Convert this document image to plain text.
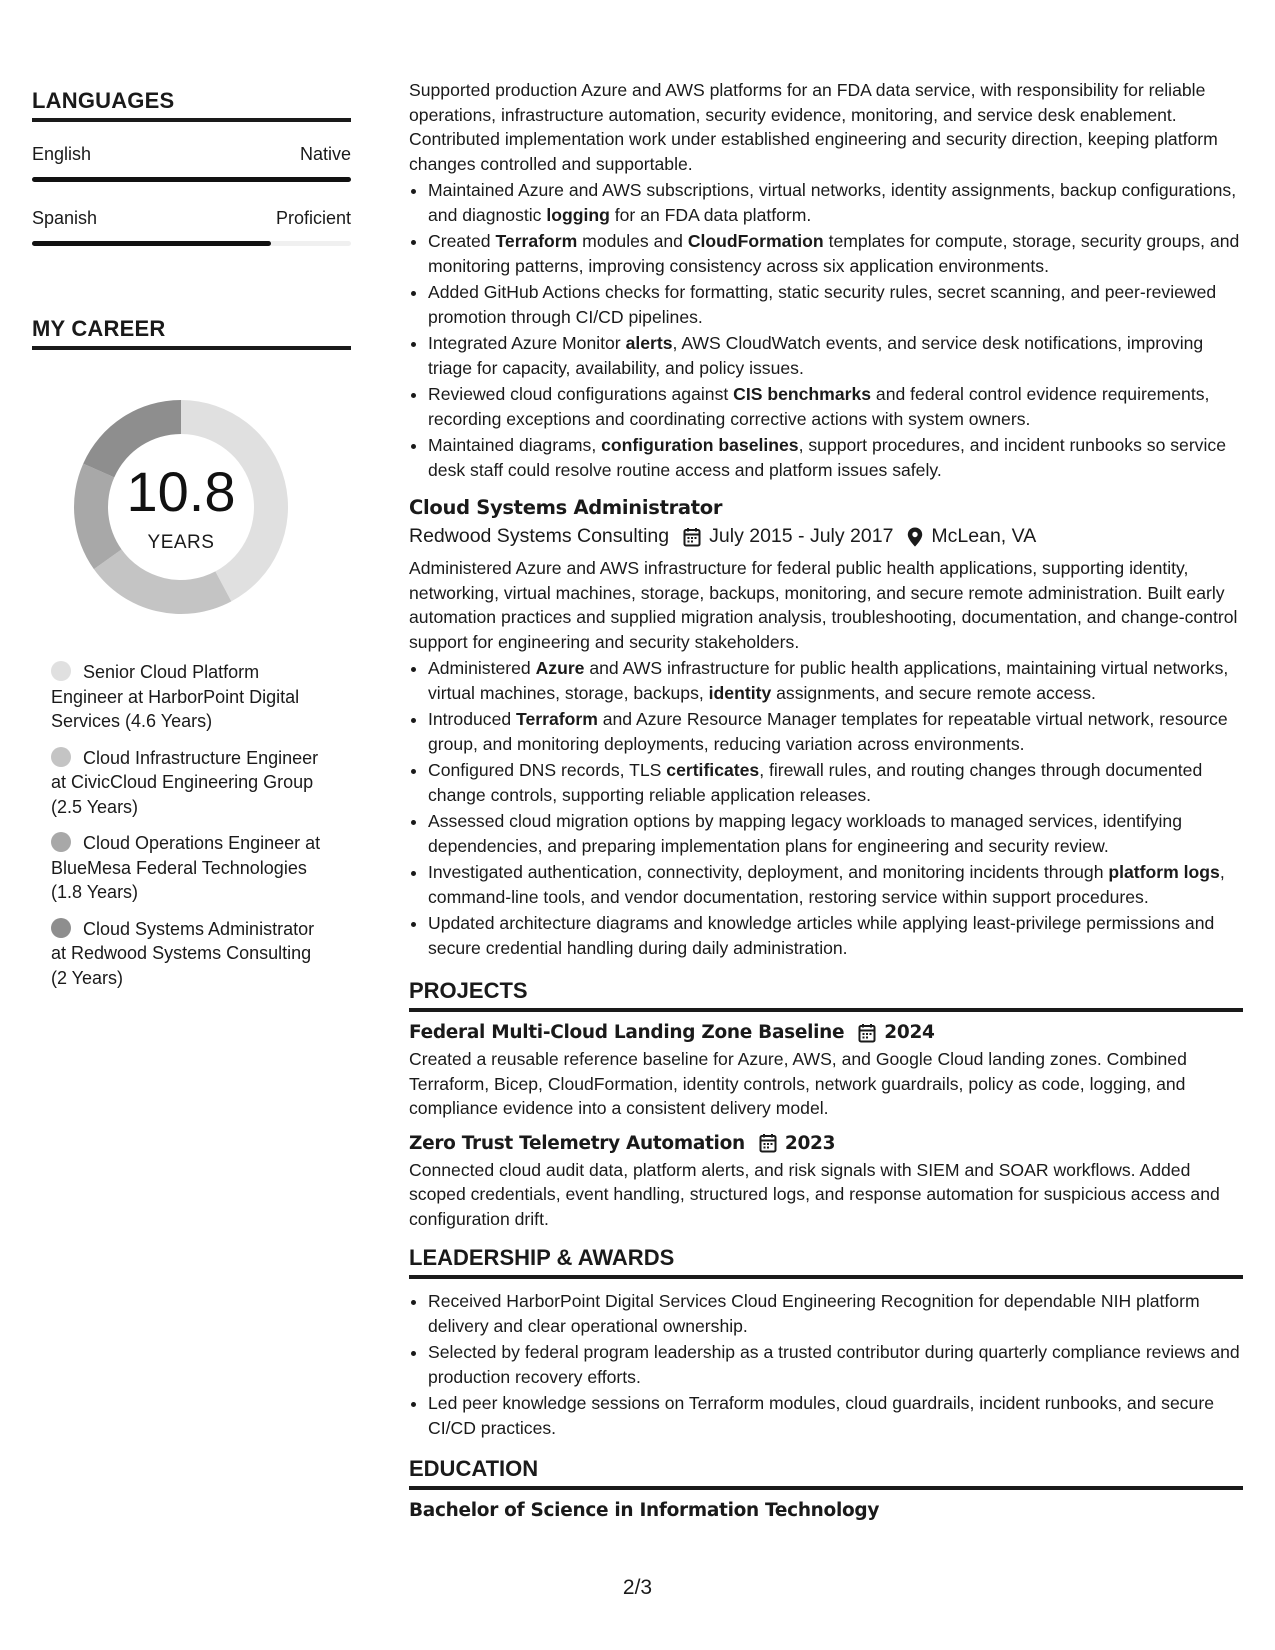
LANGUAGES
English	Native
Spanish	Proficient
MY CAREER
10.8
YEARS
Senior Cloud Platform Engineer at HarborPoint Digital Services (4.6 Years)
Cloud Infrastructure Engineer at CivicCloud Engineering Group (2.5 Years)
Cloud Operations Engineer at BlueMesa Federal Technologies (1.8 Years)
Cloud Systems Administrator at Redwood Systems Consulting (2 Years)

Supported production Azure and AWS platforms for an FDA data service, with responsibility for reliable operations, infrastructure automation, security evidence, monitoring, and service desk enablement. Contributed implementation work under established engineering and security direction, keeping platform changes controlled and supportable.

• Maintained Azure and AWS subscriptions, virtual networks, identity assignments, backup configurations, and diagnostic logging for an FDA data platform.
• Created Terraform modules and CloudFormation templates for compute, storage, security groups, and monitoring patterns, improving consistency across six application environments.
• Added GitHub Actions checks for formatting, static security rules, secret scanning, and peer-reviewed promotion through CI/CD pipelines.
• Integrated Azure Monitor alerts, AWS CloudWatch events, and service desk notifications, improving triage for capacity, availability, and policy issues.
• Reviewed cloud configurations against CIS benchmarks and federal control evidence requirements, recording exceptions and coordinating corrective actions with system owners.
• Maintained diagrams, configuration baselines, support procedures, and incident runbooks so service desk staff could resolve routine access and platform issues safely.
Cloud Systems Administrator
Redwood Systems Consulting July 2015 - July 2017 McLean, VA

Administered Azure and AWS infrastructure for federal public health applications, supporting identity, networking, virtual machines, storage, backups, monitoring, and secure remote administration. Built early automation practices and supplied migration analysis, troubleshooting, documentation, and change-control support for engineering and security stakeholders.

• Administered Azure and AWS infrastructure for public health applications, maintaining virtual networks, virtual machines, storage, backups, identity assignments, and secure remote access.
• Introduced Terraform and Azure Resource Manager templates for repeatable virtual network, resource group, and monitoring deployments, reducing variation across environments.
• Configured DNS records, TLS certificates, firewall rules, and routing changes through documented change controls, supporting reliable application releases.
• Assessed cloud migration options by mapping legacy workloads to managed services, identifying dependencies, and preparing implementation plans for engineering and security review.
• Investigated authentication, connectivity, deployment, and monitoring incidents through platform logs, command-line tools, and vendor documentation, restoring service within support procedures.
• Updated architecture diagrams and knowledge articles while applying least-privilege permissions and secure credential handling during daily administration.
PROJECTS
Federal Multi-Cloud Landing Zone Baseline 2024

Created a reusable reference baseline for Azure, AWS, and Google Cloud landing zones. Combined Terraform, Bicep, CloudFormation, identity controls, network guardrails, policy as code, logging, and compliance evidence into a consistent delivery model.

Zero Trust Telemetry Automation 2023

Connected cloud audit data, platform alerts, and risk signals with SIEM and SOAR workflows. Added scoped credentials, event handling, structured logs, and response automation for suspicious access and configuration drift.

LEADERSHIP & AWARDS
• Received HarborPoint Digital Services Cloud Engineering Recognition for dependable NIH platform delivery and clear operational ownership.
• Selected by federal program leadership as a trusted contributor during quarterly compliance reviews and production recovery efforts.
• Led peer knowledge sessions on Terraform modules, cloud guardrails, incident runbooks, and secure CI/CD practices.
EDUCATION
Bachelor of Science in Information Technology
2/3
